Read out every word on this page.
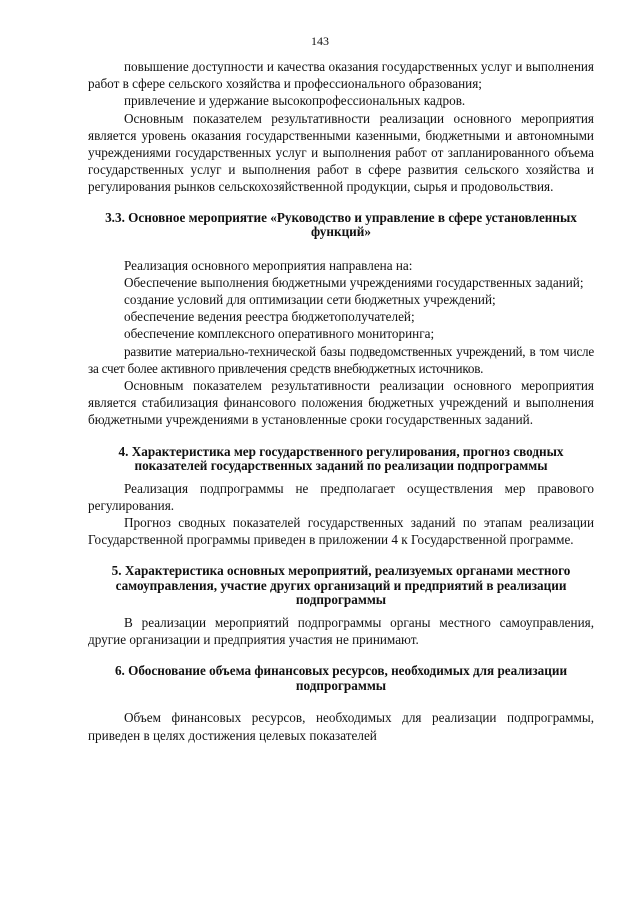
143

повышение доступности и качества оказания государственных услуг и выполнения работ в сфере сельского хозяйства и профессионального образования;

привлечение и удержание высокопрофессиональных кадров.

Основным показателем результативности реализации основного мероприятия является уровень оказания государственными казенными, бюджетными и автономными учреждениями государственных услуг и выполнения работ от запланированного объема государственных услуг и выполнения работ в сфере развития сельского хозяйства и регулирования рынков сельскохозяйственной продукции, сырья и продовольствия.

3.3. Основное мероприятие «Руководство и управление в сфере установленных функций»

Реализация основного мероприятия направлена на:

Обеспечение выполнения бюджетными учреждениями государственных заданий;

создание условий для оптимизации сети бюджетных учреждений;

обеспечение ведения реестра бюджетополучателей;

обеспечение комплексного оперативного мониторинга;

развитие материально-технической базы подведомственных учреждений, в том числе за счет более активного привлечения средств внебюджетных источников.

Основным показателем результативности реализации основного мероприятия является стабилизация финансового положения бюджетных учреждений и выполнения бюджетными учреждениями в установленные сроки государственных заданий.

4. Характеристика мер государственного регулирования, прогноз сводных показателей государственных заданий по реализации подпрограммы

Реализация подпрограммы не предполагает осуществления мер правового регулирования.

Прогноз сводных показателей государственных заданий по этапам реализации Государственной программы приведен в приложении 4 к Государственной программе.

5. Характеристика основных мероприятий, реализуемых органами местного самоуправления, участие других организаций и предприятий в реализации подпрограммы

В реализации мероприятий подпрограммы органы местного самоуправления, другие организации и предприятия участия не принимают.

6. Обоснование объема финансовых ресурсов, необходимых для реализации подпрограммы

Объем финансовых ресурсов, необходимых для реализации подпрограммы, приведен в целях достижения целевых показателей
